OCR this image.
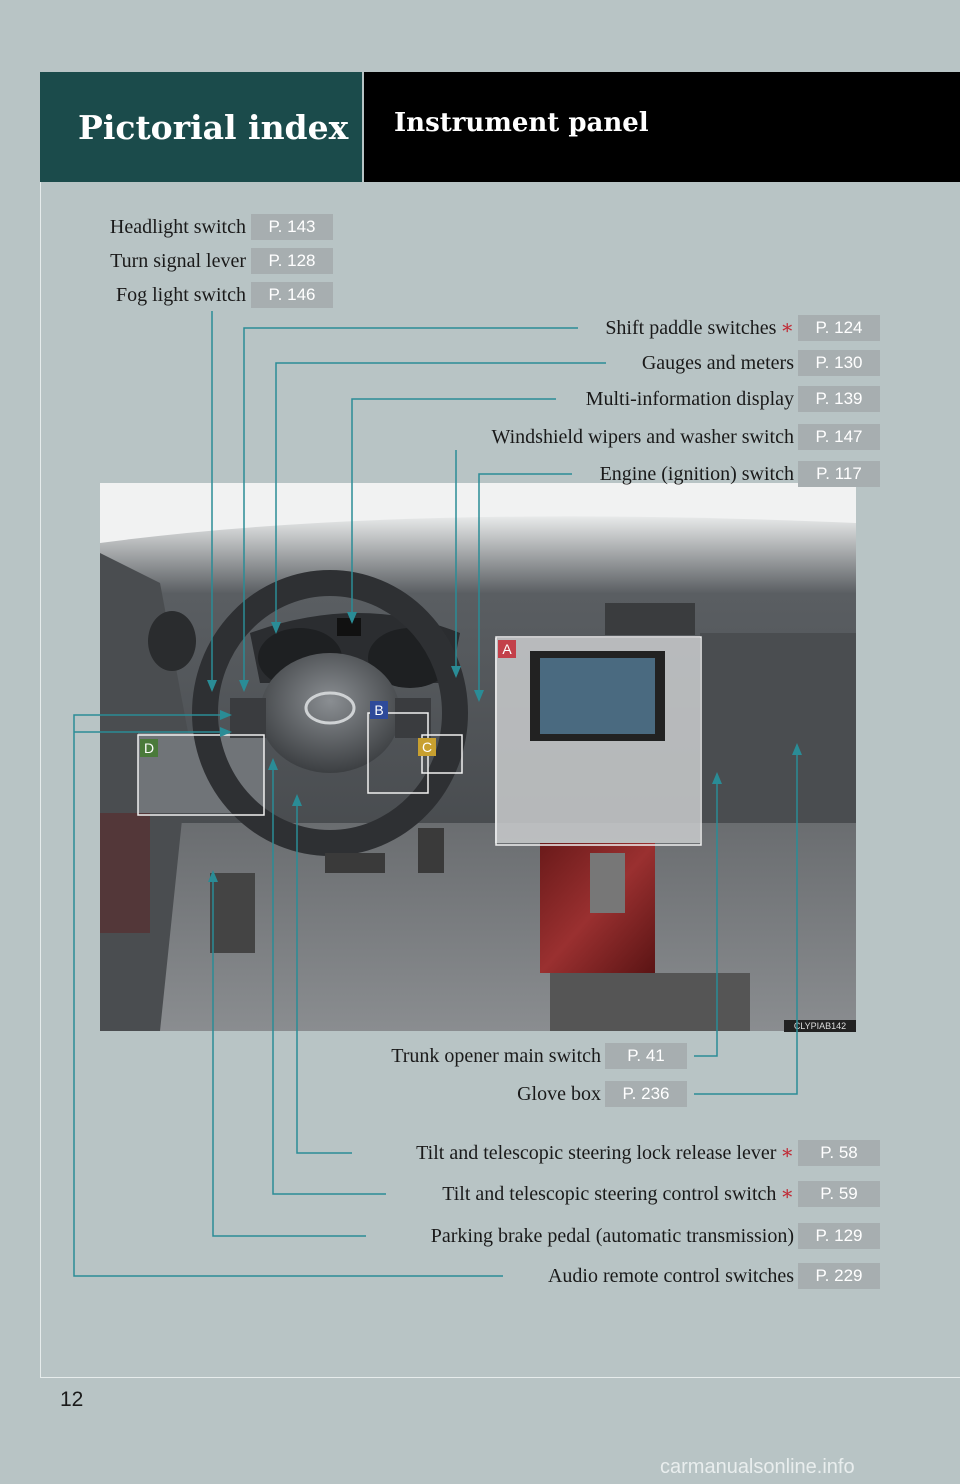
Pictorial index	Instrument panel
A
B
C
D
CLYPIAB142
Headlight switch	P. 143
Turn signal lever	P. 128
Fog light switch	P. 146
Shift paddle switches ∗	P. 124
Gauges and meters	P. 130
Multi-information display	P. 139
Windshield wipers and washer switch	P. 147
Engine (ignition) switch	P. 117
Trunk opener main switch	P. 41
Glove box	P. 236
Tilt and telescopic steering lock release lever ∗	P. 58
Tilt and telescopic steering control switch ∗	P. 59
Parking brake pedal (automatic transmission)	P. 129
Audio remote control switches	P. 229
12
carmanualsonline.info
